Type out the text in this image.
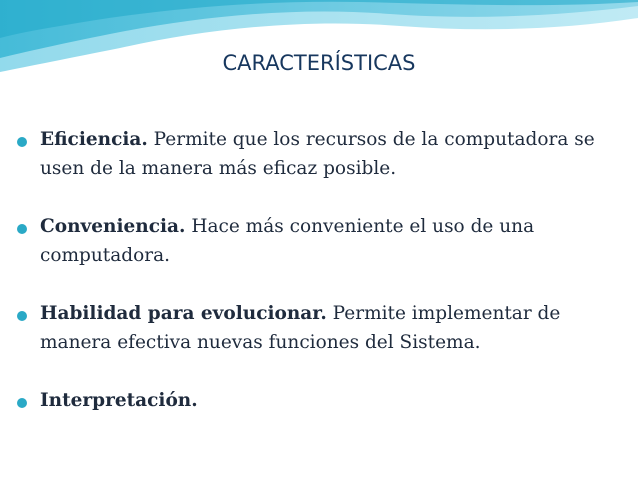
CARACTERÍSTICAS
Eficiencia. Permite que los recursos de la computadora se usen de la manera más eficaz posible.
Conveniencia. Hace más conveniente el uso de una computadora.
Habilidad para evolucionar. Permite implementar de manera efectiva nuevas funciones del Sistema.
Interpretación.
